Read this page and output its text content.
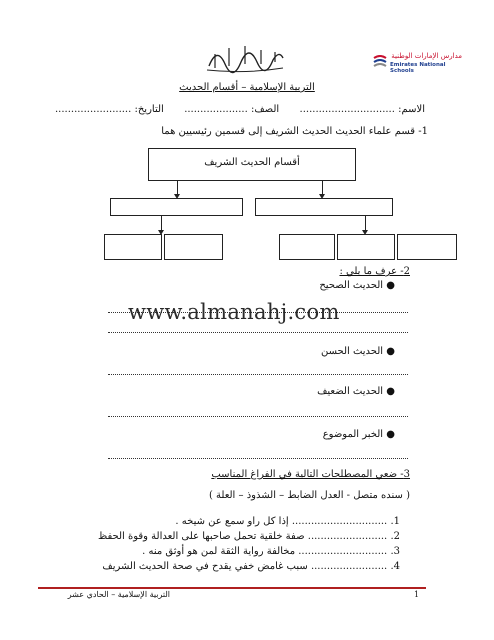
مدارس الإمارات الوطنية
Emirates National Schools
التربية الإسلامية – أقسام الحديث
الاسم: ..............................  الصف: ....................  التاريخ: ........................
1- قسم علماء الحديث الحديث الشريف إلى قسمين رئيسيين هما
أقسام الحديث الشريف
2- عرف ما يلي :
● الحديث الصحيح
www.almanahj.com
● الحديث الحسن
● الحديث الضعيف
● الخبر الموضوع
3- ضعي المصطلحات التالية في الفراغ المناسب
( سنده متصل - العدل الضابط – الشذوذ – العلة )
1. .............................. إذا كل راو سمع عن شيخه .
2. ......................... صفة خلقية تحمل صاحبها على العدالة وقوة الحفظ
3. ............................ مخالفة رواية الثقة لمن هو أوثق منه .
4. ........................ سبب غامض خفي يقدح في صحة الحديث الشريف
التربية الإسلامية – الحادي عشر	1
